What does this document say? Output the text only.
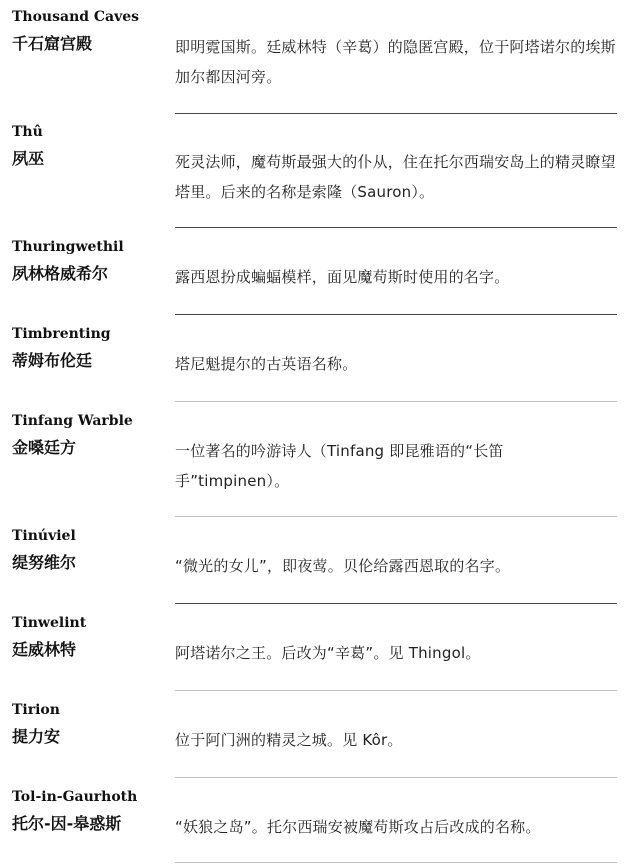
Thousand Caves
千石窟宫殿	即明霓国斯。廷威林特（辛葛）的隐匿宫殿，位于阿塔诺尔的埃斯加尔都因河旁。
Thû
夙巫	死灵法师，魔苟斯最强大的仆从，住在托尔西瑞安岛上的精灵瞭望塔里。后来的名称是索隆（Sauron）。
Thuringwethil
夙林格威希尔	露西恩扮成蝙蝠模样，面见魔苟斯时使用的名字。
Timbrenting
蒂姆布伦廷	塔尼魁提尔的古英语名称。
Tinfang Warble
金嗓廷方	一位著名的吟游诗人（Tinfang 即昆雅语的“长笛手”timpinen）。
Tinúviel
缇努维尔	“微光的女儿”，即夜莺。贝伦给露西恩取的名字。
Tinwelint
廷威林特	阿塔诺尔之王。后改为“辛葛”。见 Thingol。
Tirion
提力安	位于阿门洲的精灵之城。见 Kôr。
Tol-in-Gaurhoth
托尔-因-皋惑斯	“妖狼之岛”。托尔西瑞安被魔苟斯攻占后改成的名称。
